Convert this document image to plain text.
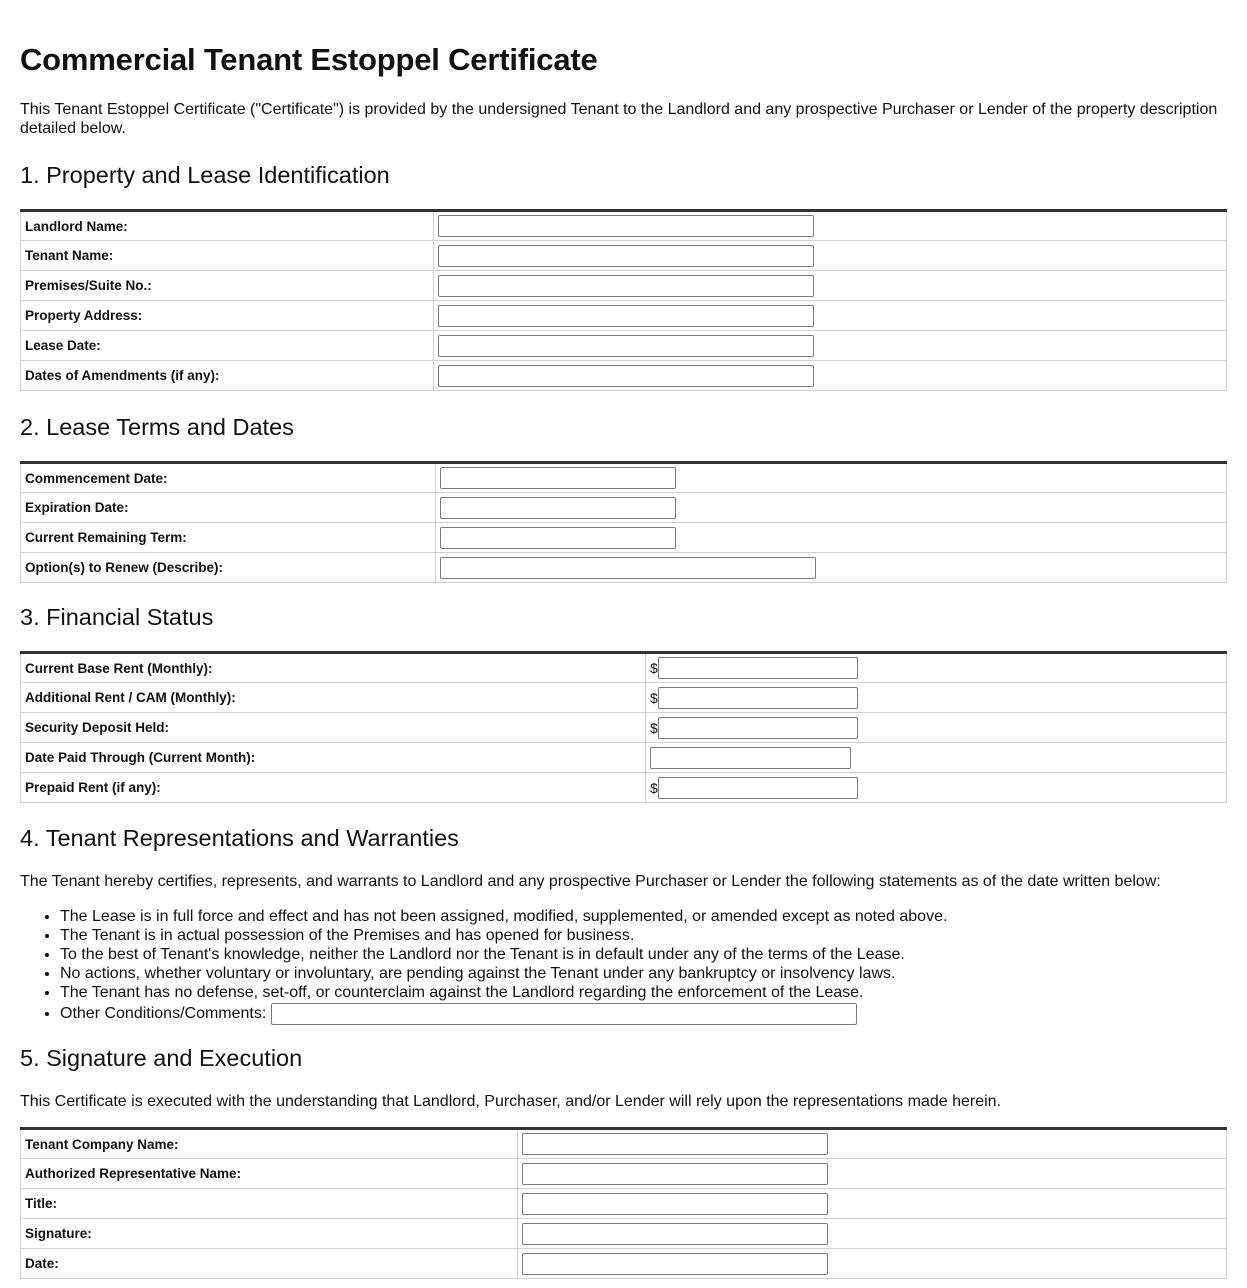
Commercial Tenant Estoppel Certificate

This Tenant Estoppel Certificate ("Certificate") is provided by the undersigned Tenant to the Landlord and any prospective Purchaser or Lender of the property description detailed below.

1. Property and Lease Identification
Landlord Name:	
Tenant Name:	
Premises/Suite No.:	
Property Address:	
Lease Date:	
Dates of Amendments (if any):	
2. Lease Terms and Dates
Commencement Date:	
Expiration Date:	
Current Remaining Term:	
Option(s) to Renew (Describe):	
3. Financial Status
Current Base Rent (Monthly):	$
Additional Rent / CAM (Monthly):	$
Security Deposit Held:	$
Date Paid Through (Current Month):	
Prepaid Rent (if any):	$
4. Tenant Representations and Warranties

The Tenant hereby certifies, represents, and warrants to Landlord and any prospective Purchaser or Lender the following statements as of the date written below:

• The Lease is in full force and effect and has not been assigned, modified, supplemented, or amended except as noted above.
• The Tenant is in actual possession of the Premises and has opened for business.
• To the best of Tenant's knowledge, neither the Landlord nor the Tenant is in default under any of the terms of the Lease.
• No actions, whether voluntary or involuntary, are pending against the Tenant under any bankruptcy or insolvency laws.
• The Tenant has no defense, set-off, or counterclaim against the Landlord regarding the enforcement of the Lease.
• Other Conditions/Comments:
5. Signature and Execution

This Certificate is executed with the understanding that Landlord, Purchaser, and/or Lender will rely upon the representations made herein.

Tenant Company Name:	
Authorized Representative Name:	
Title:	
Signature:	
Date:	
